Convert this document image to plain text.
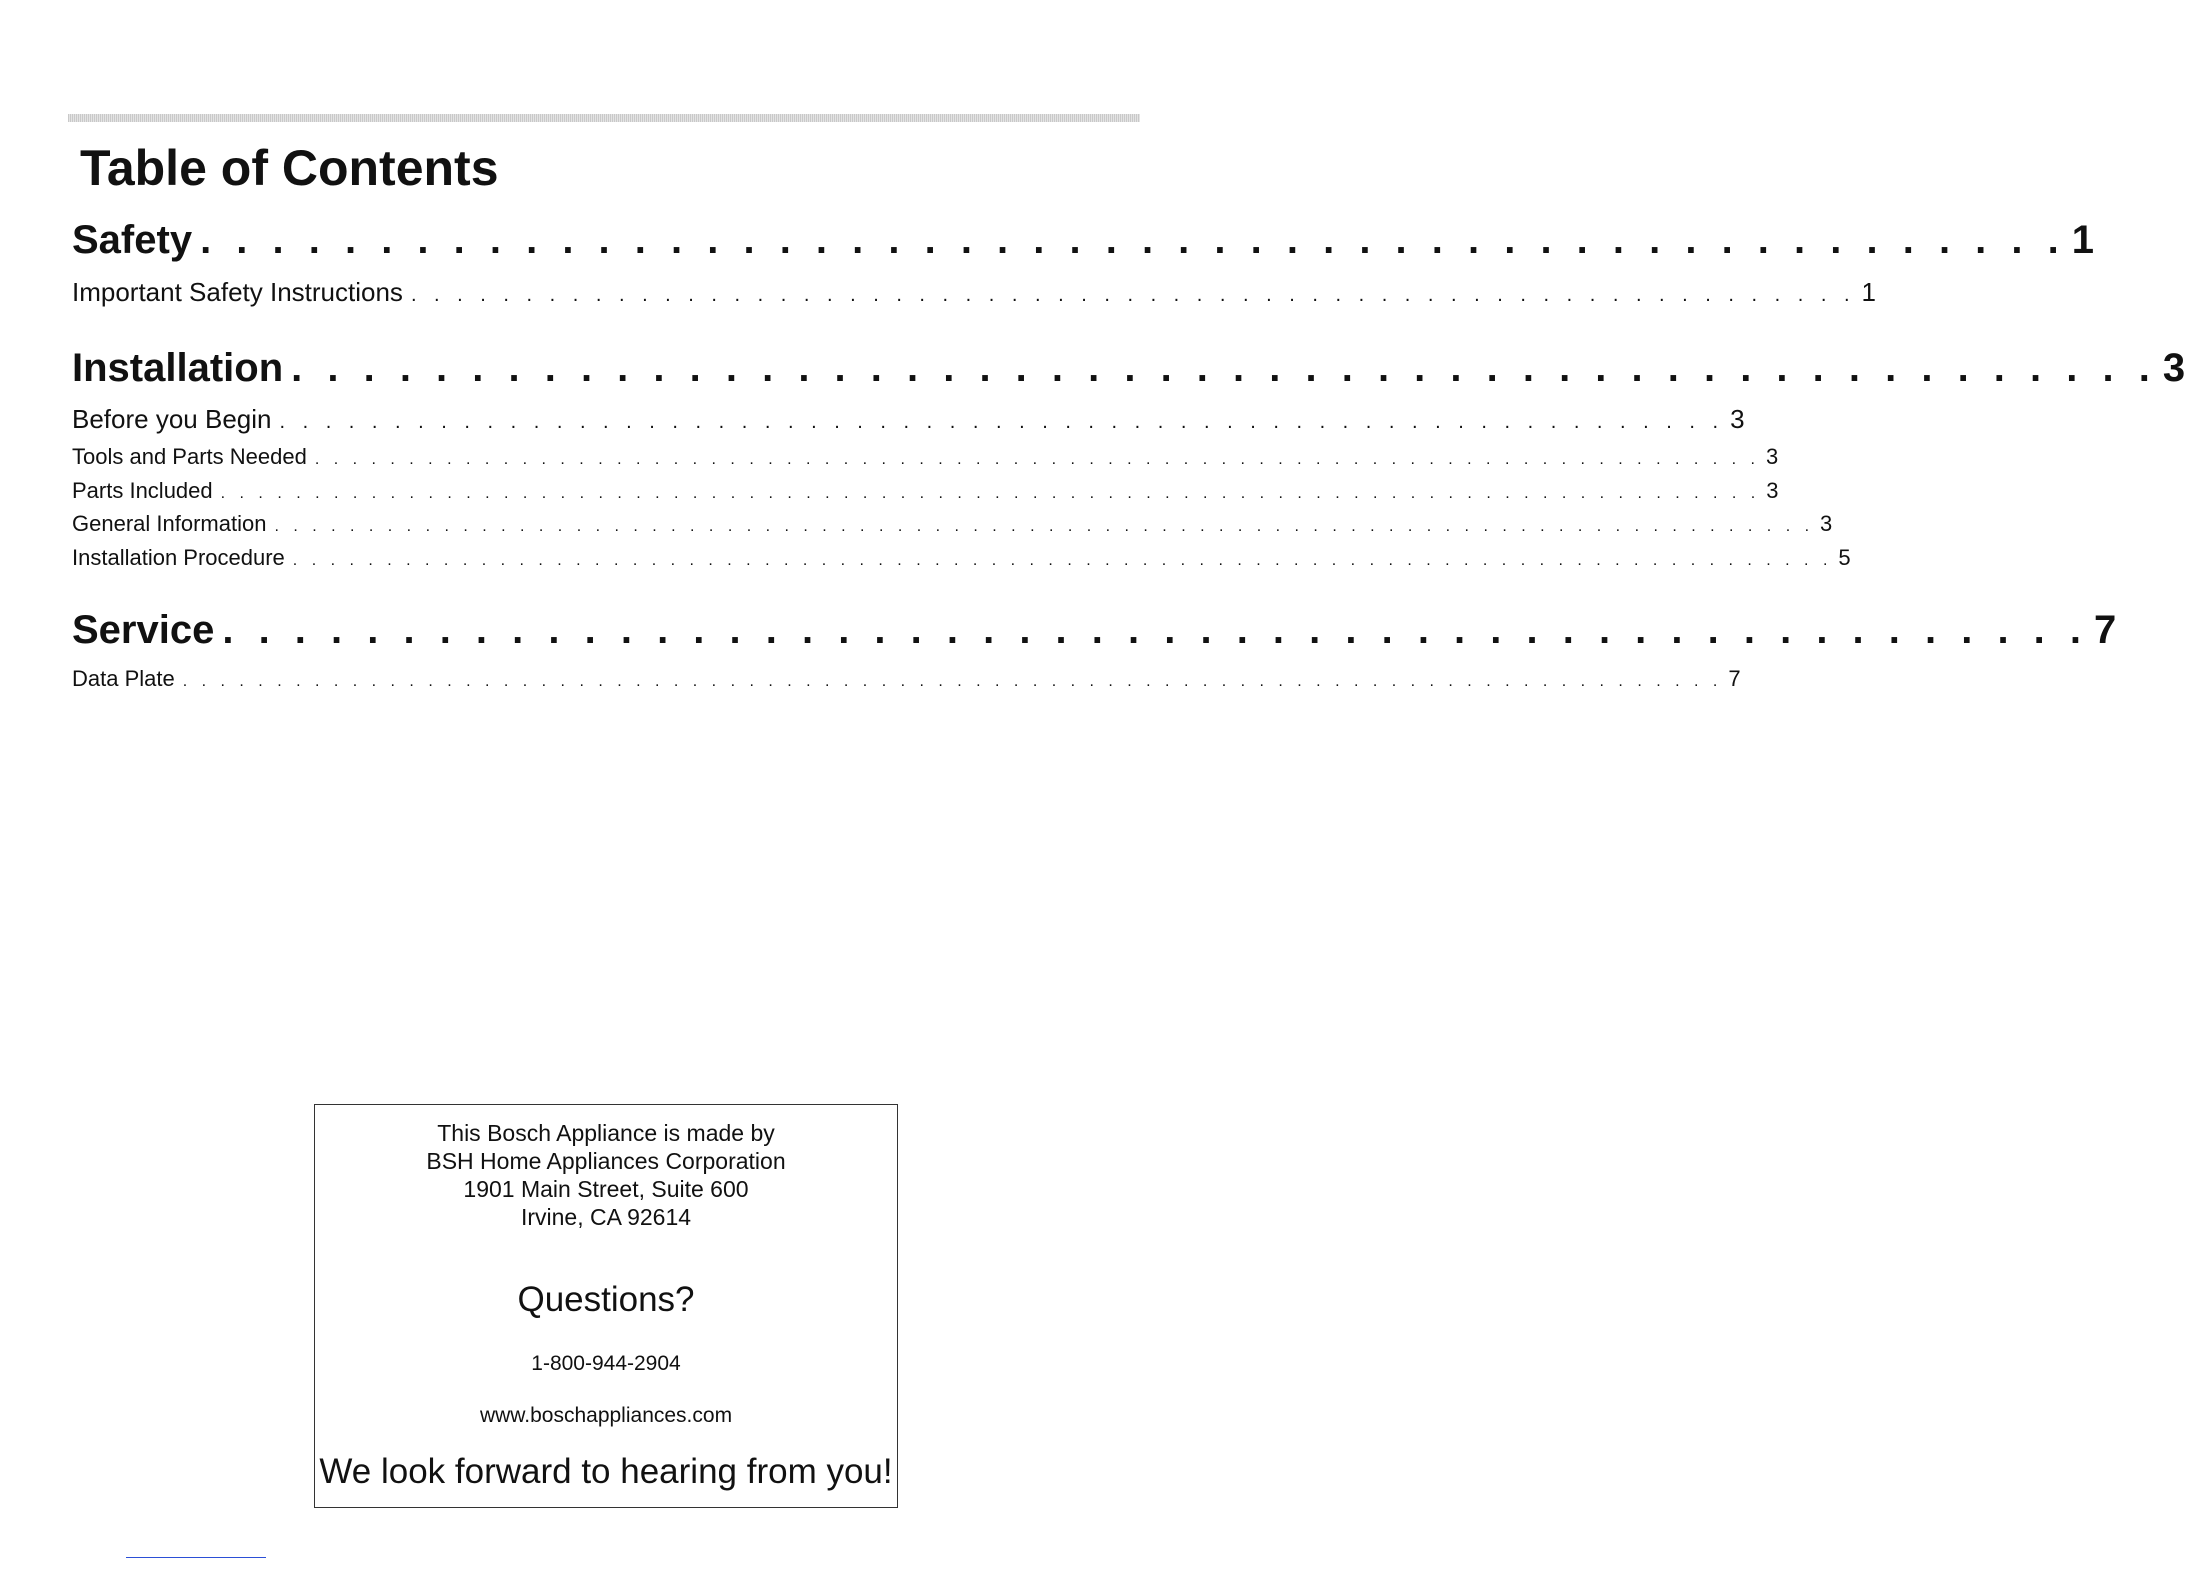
Table of Contents
Safety . . . . . . . . . . . . . . . . . . . . . . . . . . . . . . . . . . . . . . . . . . . . . . . . . . . . 1
Important Safety Instructions . . . . . . . . . . . . . . . . . . . . . . . . . . . . . . . . . . . . . . . . . . . . . . . . . . . . . . . . . . . . . . . 1
Installation . . . . . . . . . . . . . . . . . . . . . . . . . . . . . . . . . . . . . . . . . . . . . . . . . . . . 3
Before you Begin . . . . . . . . . . . . . . . . . . . . . . . . . . . . . . . . . . . . . . . . . . . . . . . . . . . . . . . . . . . . . . . 3
Tools and Parts Needed . . . . . . . . . . . . . . . . . . . . . . . . . . . . . . . . . . . . . . . . . . . . . . . . . . . . . . . . . . . . . . . . . . . . . . . . . . . . . 3
Parts Included . . . . . . . . . . . . . . . . . . . . . . . . . . . . . . . . . . . . . . . . . . . . . . . . . . . . . . . . . . . . . . . . . . . . . . . . . . . . . . . . . . 3
General Information . . . . . . . . . . . . . . . . . . . . . . . . . . . . . . . . . . . . . . . . . . . . . . . . . . . . . . . . . . . . . . . . . . . . . . . . . . . . . . . . . . 3
Installation Procedure . . . . . . . . . . . . . . . . . . . . . . . . . . . . . . . . . . . . . . . . . . . . . . . . . . . . . . . . . . . . . . . . . . . . . . . . . . . . . . . . . . 5
Service . . . . . . . . . . . . . . . . . . . . . . . . . . . . . . . . . . . . . . . . . . . . . . . . . . . . 7
Data Plate . . . . . . . . . . . . . . . . . . . . . . . . . . . . . . . . . . . . . . . . . . . . . . . . . . . . . . . . . . . . . . . . . . . . . . . . . . . . . . . . . . 7
This Bosch Appliance is made by
BSH Home Appliances Corporation
1901 Main Street, Suite 600
Irvine, CA 92614
Questions?
1-800-944-2904
www.boschappliances.com
We look forward to hearing from you!
